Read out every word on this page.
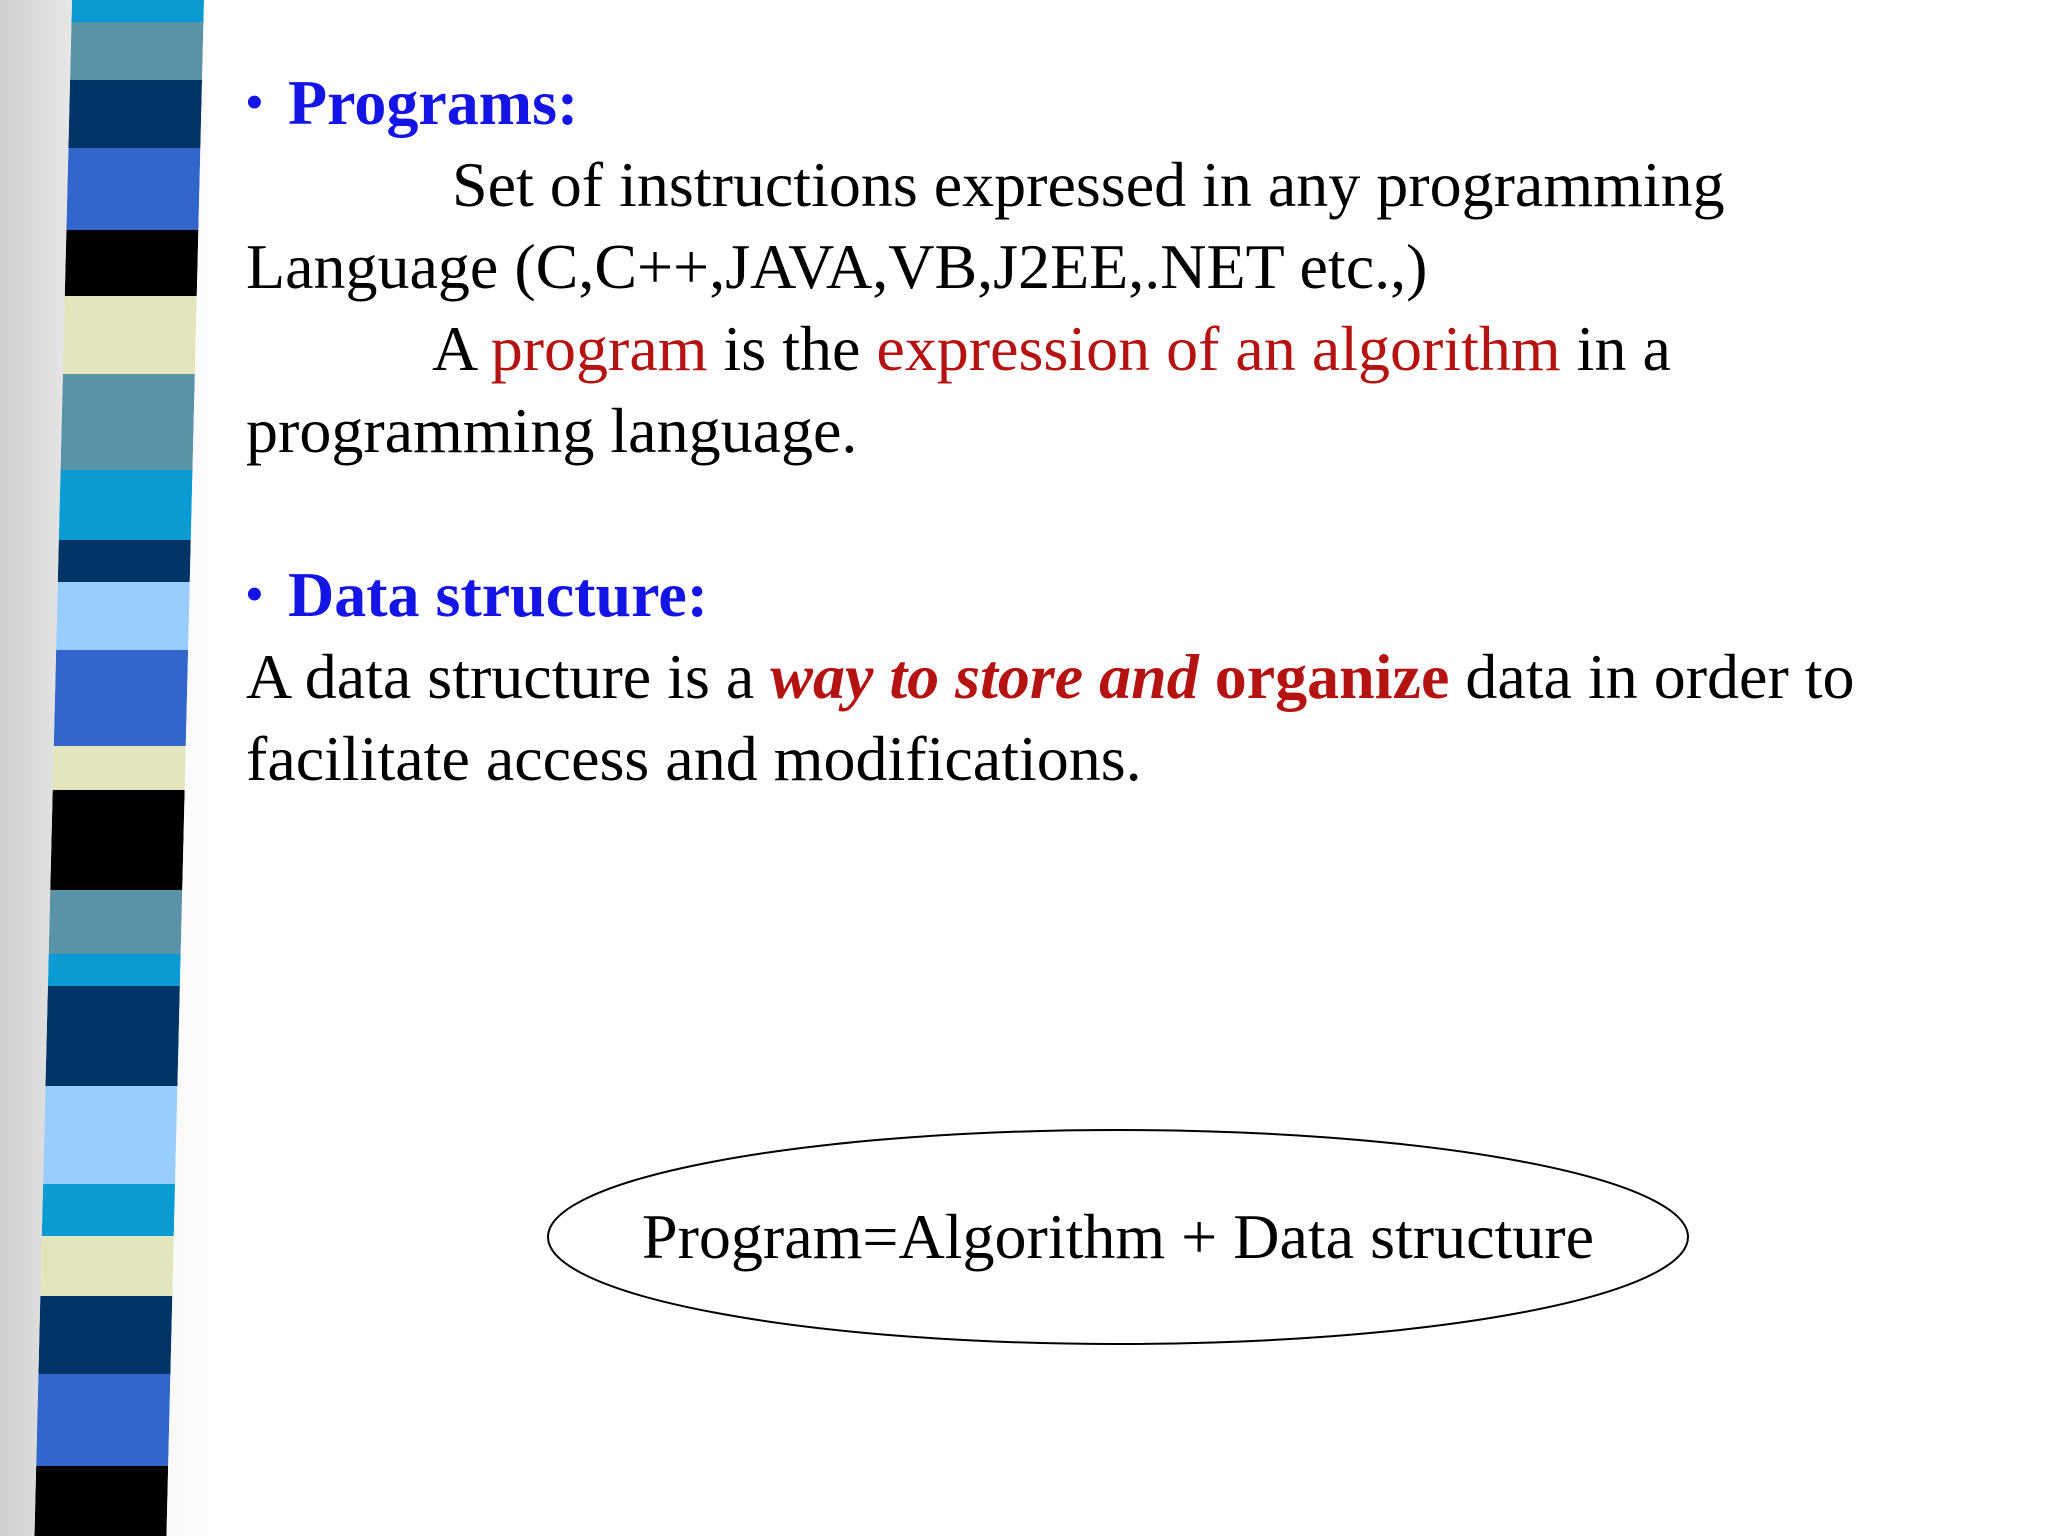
• Programs:
Set of instructions expressed in any programming
Language (C,C++,JAVA,VB,J2EE,.NET etc.,)
A program is the expression of an algorithm in a
programming language.
• Data structure:
A data structure is a way to store and organize data in order to
facilitate access and modifications.
Program=Algorithm + Data structure
